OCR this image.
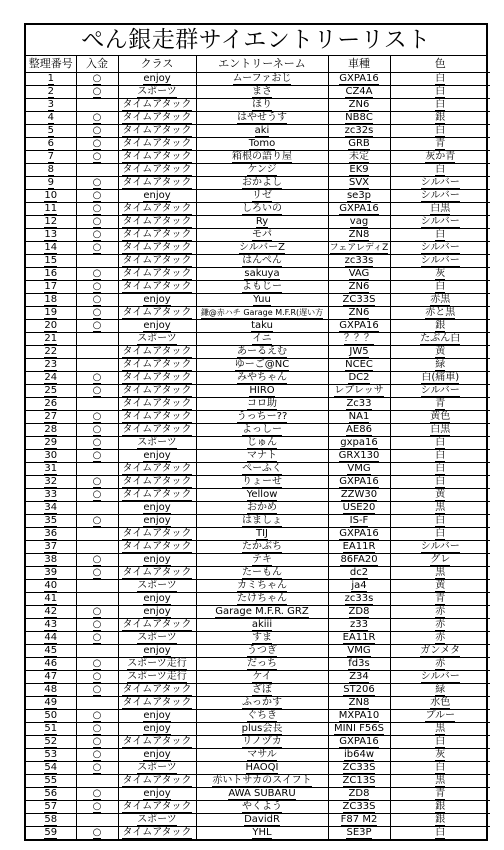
ぺん銀走群サイエントリーリスト
整理番号	入金	クラス	エントリーネーム	車種	色
1	○	enjoy	ムーファおじ	GXPA16	白
2	○	スポーツ	まさ	CZ4A	白
3		タイムアタック	ほり	ZN6	白
4	○	タイムアタック	はやせうす	NB8C	銀
5	○	タイムアタック	aki	zc32s	白
6	○	タイムアタック	Tomo	GRB	青
7	○	タイムアタック	箱根の語り屋	未定	灰か青
8		タイムアタック	ケンジ	EK9	白
9	○	タイムアタック	おかよし	SVX	シルバー
10	○	enjoy	リゼ	se3p	シルバー
11	○	タイムアタック	しろいの	GXPA16	白黒
12	○	タイムアタック	Ry	vag	シルバー
13	○	タイムアタック	モパ	ZN8	白
14	○	タイムアタック	シルバーZ	フェアレディZ	シルバー
15		タイムアタック	はんぺん	zc33s	シルバー
16	○	タイムアタック	sakuya	VAG	灰
17	○	タイムアタック	よもじー	ZN6	白
18	○	enjoy	Yuu	ZC33S	赤黒
19	○	タイムアタック	鎌@赤ハチ Garage M.F.R(遅い方	ZN6	赤と黒
20	○	enjoy	taku	GXPA16	銀
21		スポーツ	イニ	？？？	たぶん白
22		タイムアタック	あーるえむ	JW5	黄
23		タイムアタック	ゆーご@NC	NCEC	緑
24	○	タイムアタック	みやちゃん	DC2	白(痛車)
25	○	タイムアタック	HIRO	レブレッサ	シルバー
26		タイムアタック	コロ助	Zc33	青
27	○	タイムアタック	うっちー??	NA1	黄色
28	○	タイムアタック	よっしー	AE86	白黒
29	○	スポーツ	じゅん	gxpa16	白
30	○	enjoy	マナト	GRX130	白
31		タイムアタック	ぺーふく	VMG	白
32	○	タイムアタック	りょーせ	GXPA16	白
33	○	タイムアタック	Yellow	ZZW30	黄
34		enjoy	おかめ	USE20	黒
35	○	enjoy	はましょ	IS-F	白
36		タイムアタック	TIJ	GXPA16	白
37		タイムアタック	たかぶち	EA11R	シルバー
38	○	enjoy	テキ	86FA20	グレ
39	○	タイムアタック	たーもん	dc2	黒
40		スポーツ	カミちゃん	ja4	黄
41		enjoy	たけちゃん	zc33s	青
42	○	enjoy	Garage M.F.R. GRZ	ZD8	赤
43	○	タイムアタック	akiii	z33	赤
44	○	スポーツ	すま	EA11R	赤
45		enjoy	うつぎ	VMG	ガンメタ
46	○	スポーツ走行	だっち	fd3s	赤
47	○	スポーツ走行	ケイ	Z34	シルバー
48	○	タイムアタック	ざぼ	ST206	緑
49		タイムアタック	ふっかす	ZN8	水色
50	○	enjoy	ぐちき	MXPA10	ブルー
51	○	enjoy	plus会長	MINI F56S	黒
52	○	タイムアタック	リノヅカ	GXPA16	白
53	○	enjoy	マサル	ib64w	灰
54	○	スポーツ	HAOQI	ZC33S	白
55		タイムアタック	赤いトサカのスイフト	ZC13S	黒
56	○	enjoy	AWA SUBARU	ZD8	青
57	○	タイムアタック	やくよう	ZC33S	銀
58		スポーツ	DavidR	F87 M2	銀
59	○	タイムアタック	YHL	SE3P	白
